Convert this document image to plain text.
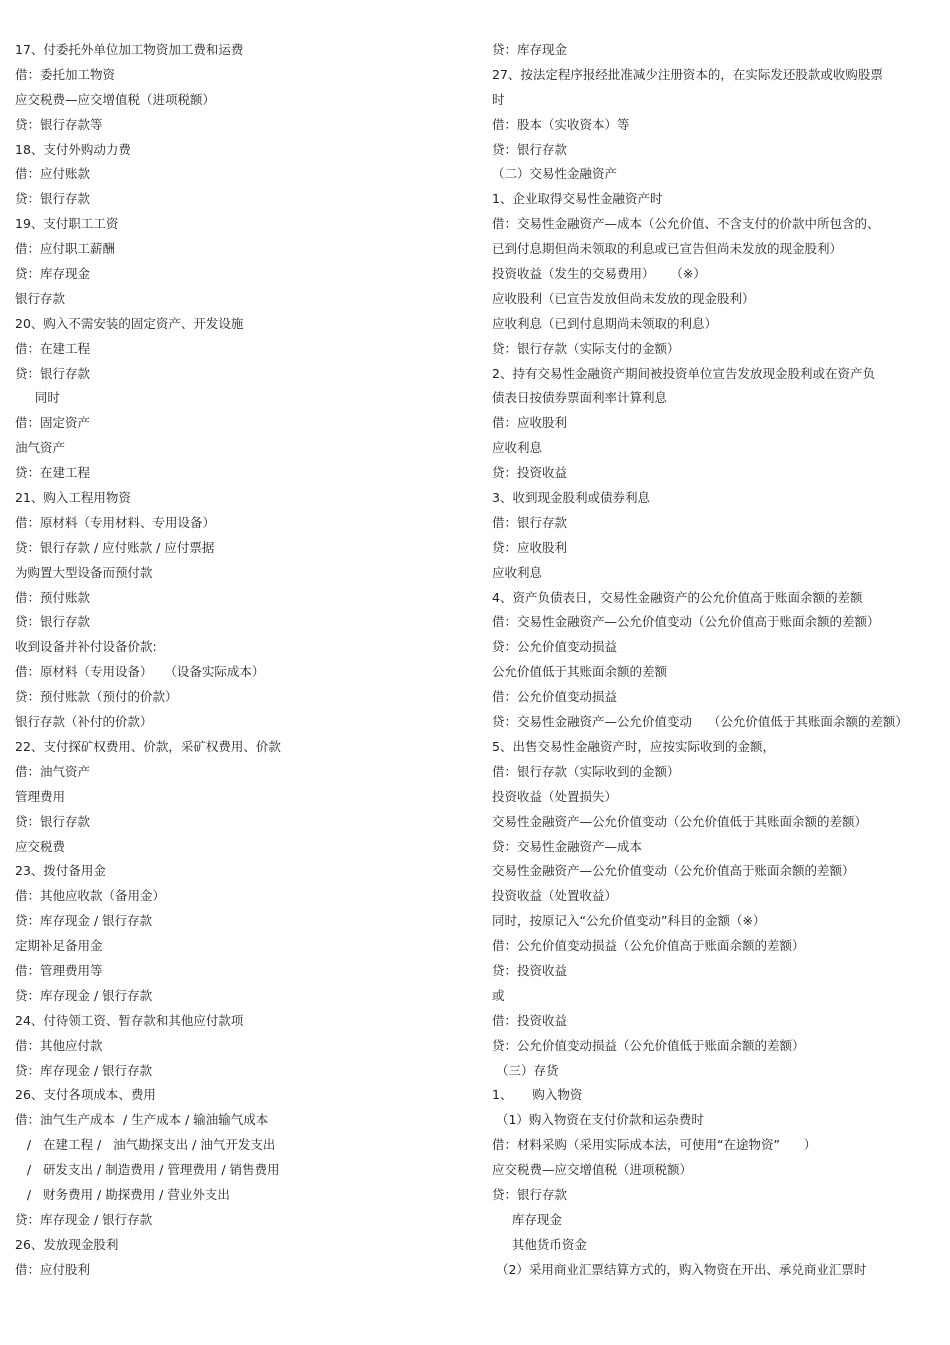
17、付委托外单位加工物资加工费和运费
借：委托加工物资
应交税费—应交增值税（进项税额）
贷：银行存款等
18、支付外购动力费
借：应付账款
贷：银行存款
19、支付职工工资
借：应付职工薪酬
贷：库存现金
银行存款
20、购入不需安装的固定资产、开发设施
借：在建工程
贷：银行存款
同时
借：固定资产
油气资产
贷：在建工程
21、购入工程用物资
借：原材料（专用材料、专用设备）
贷：银行存款 / 应付账款 / 应付票据
为购置大型设备而预付款
借：预付账款
贷：银行存款
收到设备并补付设备价款:
借：原材料（专用设备）   （设备实际成本）
贷：预付账款（预付的价款）
银行存款（补付的价款）
22、支付探矿权费用、价款，采矿权费用、价款
借：油气资产
管理费用
贷：银行存款
应交税费
23、拨付备用金
借：其他应收款（备用金）
贷：库存现金 / 银行存款
定期补足备用金
借：管理费用等
贷：库存现金 / 银行存款
24、付待领工资、暂存款和其他应付款项
借：其他应付款
贷：库存现金 / 银行存款
26、支付各项成本、费用
借：油气生产成本  / 生产成本 / 输油输气成本
/   在建工程 /   油气勘探支出 / 油气开发支出
/   研发支出 / 制造费用 / 管理费用 / 销售费用
/   财务费用 / 勘探费用 / 营业外支出
贷：库存现金 / 银行存款
26、发放现金股利
借：应付股利
贷：库存现金
27、按法定程序报经批准减少注册资本的，在实际发还股款或收购股票
时
借：股本（实收资本）等
贷：银行存款
（二）交易性金融资产
1、企业取得交易性金融资产时
借：交易性金融资产—成本（公允价值、不含支付的价款中所包含的、
已到付息期但尚未领取的利息或已宣告但尚未发放的现金股利）
投资收益（发生的交易费用）    （※）
应收股利（已宣告发放但尚未发放的现金股利）
应收利息（已到付息期尚未领取的利息）
贷：银行存款（实际支付的金额）
2、持有交易性金融资产期间被投资单位宣告发放现金股利或在资产负
债表日按债券票面利率计算利息
借：应收股利
应收利息
贷：投资收益
3、收到现金股利或债券利息
借：银行存款
贷：应收股利
应收利息
4、资产负债表日，交易性金融资产的公允价值高于账面余额的差额
借：交易性金融资产—公允价值变动（公允价值高于账面余额的差额）
贷：公允价值变动损益
公允价值低于其账面余额的差额
借：公允价值变动损益
贷：交易性金融资产—公允价值变动    （公允价值低于其账面余额的差额）
5、出售交易性金融资产时，应按实际收到的金额，
借：银行存款（实际收到的金额）
投资收益（处置损失）
交易性金融资产—公允价值变动（公允价值低于其账面余额的差额）
贷：交易性金融资产—成本
交易性金融资产—公允价值变动（公允价值高于账面余额的差额）
投资收益（处置收益）
同时，按原记入“公允价值变动”科目的金额（※）
借：公允价值变动损益（公允价值高于账面余额的差额）
贷：投资收益
或
借：投资收益
贷：公允价值变动损益（公允价值低于账面余额的差额）
（三）存货
1、     购入物资
（1）购入物资在支付价款和运杂费时
借：材料采购（采用实际成本法，可使用“在途物资”      ）
应交税费—应交增值税（进项税额）
贷：银行存款
库存现金
其他货币资金
（2）采用商业汇票结算方式的，购入物资在开出、承兑商业汇票时
